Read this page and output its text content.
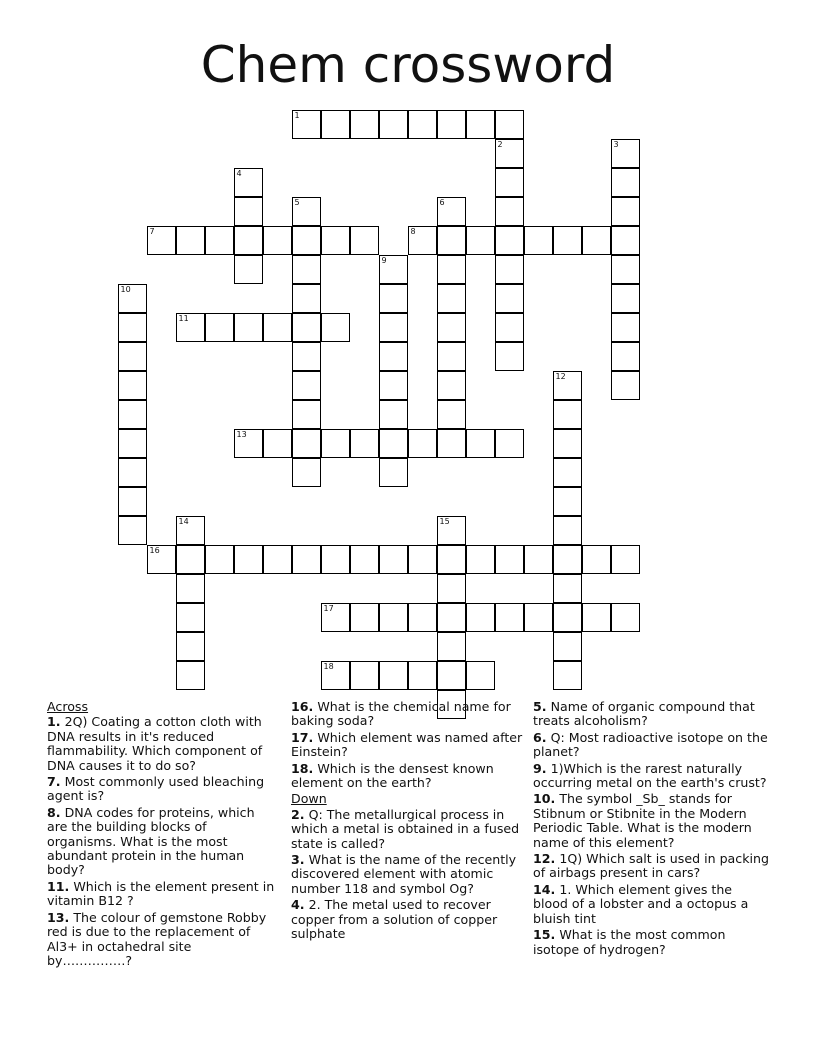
Chem crossword
1
2	3
4
5	6
7	8
9
10
11
12
13
14	15
16
17
18
Across
1. 2Q) Coating a cotton cloth with DNA results in it's reduced flammability. Which component of DNA causes it to do so?
7. Most commonly used bleaching agent is?
8. DNA codes for proteins, which are the building blocks of organisms. What is the most abundant protein in the human body?
11. Which is the element present in vitamin B12 ?
13. The colour of gemstone Robby red is due to the replacement of Al3+ in octahedral site by……………?
16. What is the chemical name for baking soda?
17. Which element was named after Einstein?
18. Which is the densest known element on the earth?
Down
2. Q: The metallurgical process in which a metal is obtained in a fused state is called?
3. What is the name of the recently discovered element with atomic number 118 and symbol Og?
4. 2. The metal used to recover copper from a solution of copper sulphate
5. Name of organic compound that treats alcoholism?
6. Q: Most radioactive isotope on the planet?
9. 1)Which is the rarest naturally occurring metal on the earth's crust?
10. The symbol _Sb_ stands for Stibnum or Stibnite in the Modern Periodic Table. What is the modern name of this element?
12. 1Q) Which salt is used in packing of airbags present in cars?
14. 1. Which element gives the blood of a lobster and a octopus a bluish tint
15. What is the most common isotope of hydrogen?
